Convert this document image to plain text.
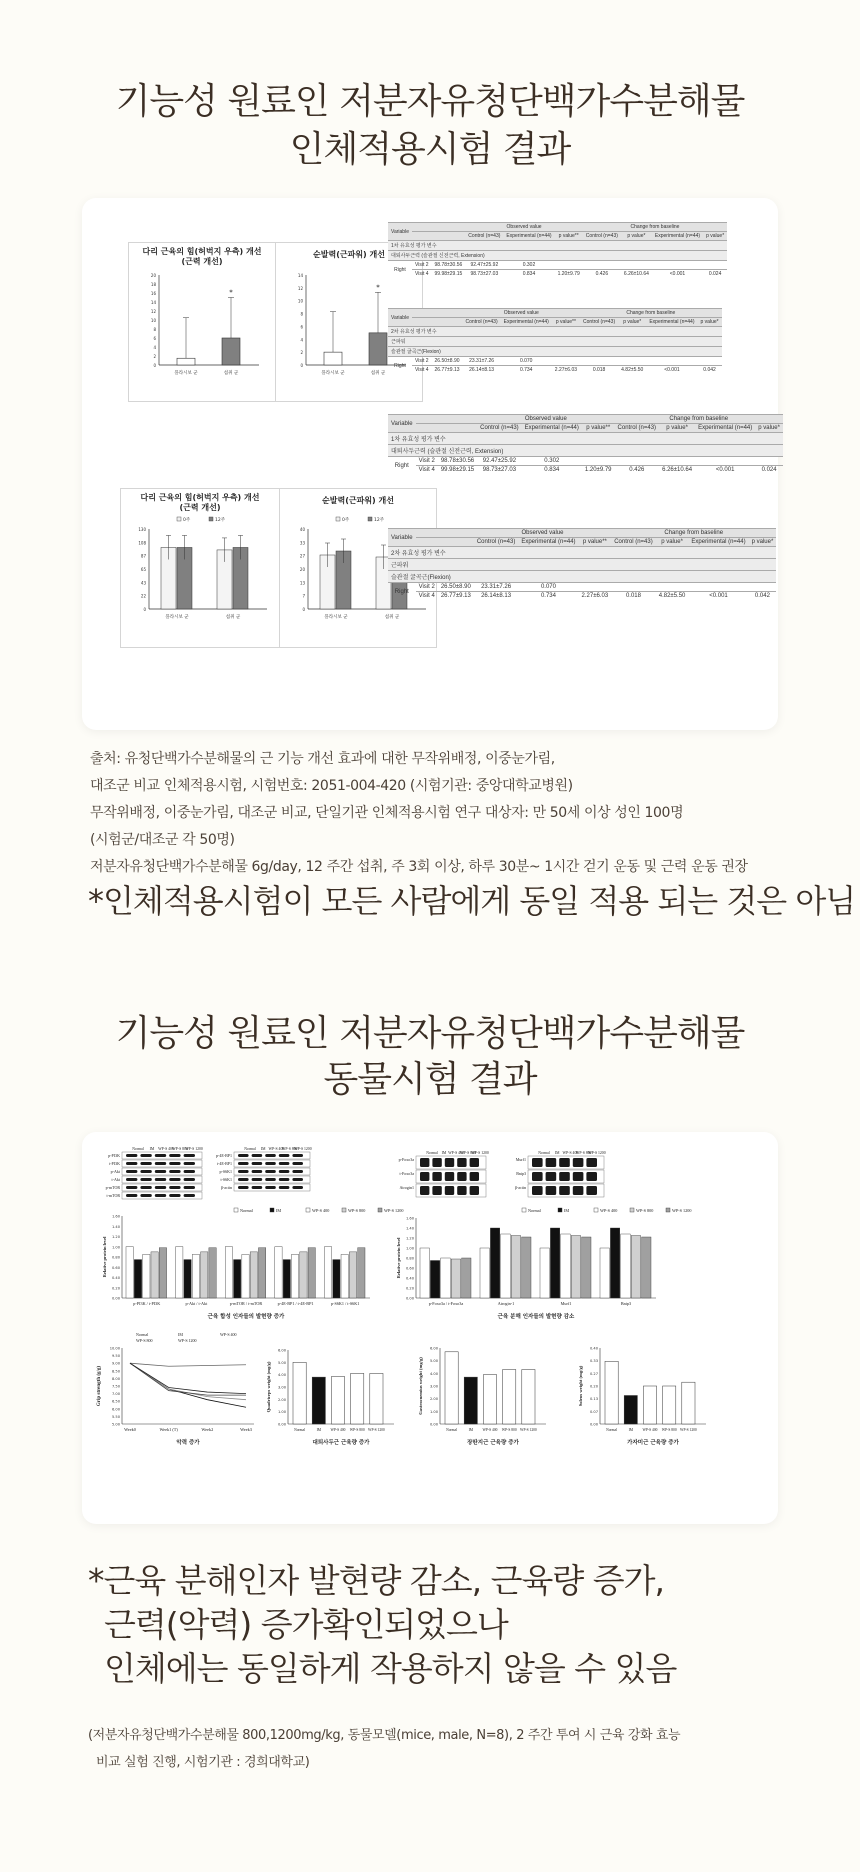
기능성 원료인 저분자유청단백가수분해물
인체적용시험 결과
다리 근육의 힘(허벅지 우측) 개선
(근력 개선)
20
18
16
14
12
10
8
6
4
2
0
플라시보 군	섭취 군
*
순발력(근파워) 개선
14
12
10
8
6
4
2
0
플라시보 군	섭취 군
*
다리 근육의 힘(허벅지 우측) 개선
(근력 개선)
0주	12주
130
108
87
65
43
22
0
플라시보 군	섭취 군
순발력(근파워) 개선
0주	12주
40
33
27
20
13
7
0
플라시보 군	섭취 군
Variable			Observed value			Change from baseline			
			Control (n=43)	Experimental (n=44)	p value**	Control (n=43)	p value*	Experimental (n=44)	p value*
1차 유효성 평가 변수									
대퇴사두근력 (슬관절 신전근력, Extension)									
Right	Visit 2	98.78±30.56	92.47±25.92	0.302					
	Visit 4	99.98±29.15	98.73±27.03	0.834	1.20±9.79	0.426	6.26±10.64	<0.001	0.024
Variable			Observed value			Change from baseline			
			Control (n=43)	Experimental (n=44)	p value**	Control (n=43)	p value*	Experimental (n=44)	p value*
2차 유효성 평가 변수									
근파워									
슬관절 굴곡근(Flexion)									
Right	Visit 2	26.50±8.90	23.31±7.26	0.070					
	Visit 4	26.77±9.13	26.14±8.13	0.734	2.27±6.03	0.018	4.82±5.50	<0.001	0.042
Variable			Observed value			Change from baseline			
			Control (n=43)	Experimental (n=44)	p value**	Control (n=43)	p value*	Experimental (n=44)	p value*
1차 유효성 평가 변수									
대퇴사두근력 (슬관절 신전근력, Extension)									
Right	Visit 2	98.78±30.56	92.47±25.92	0.302					
	Visit 4	99.98±29.15	98.73±27.03	0.834	1.20±9.79	0.426	6.26±10.64	<0.001	0.024
Variable			Observed value			Change from baseline			
			Control (n=43)	Experimental (n=44)	p value**	Control (n=43)	p value*	Experimental (n=44)	p value*
2차 유효성 평가 변수									
근파워									
슬관절 굴곡근(Flexion)									
Right	Visit 2	26.50±8.90	23.31±7.26	0.070					
	Visit 4	26.77±9.13	26.14±8.13	0.734	2.27±6.03	0.018	4.82±5.50	<0.001	0.042
출처: 유청단백가수분해물의 근 기능 개선 효과에 대한 무작위배정, 이중눈가림,
대조군 비교 인체적용시험, 시험번호: 2051-004-420 (시험기관: 중앙대학교병원)
무작위배정, 이중눈가림, 대조군 비교, 단일기관 인체적용시험 연구 대상자: 만 50세 이상 성인 100명
(시험군/대조군 각 50명)
저분자유청단백가수분해물 6g/day, 12 주간 섭취, 주 3회 이상, 하루 30분~ 1시간 걷기 운동 및 근력 운동 권장
*인체적용시험이 모든 사람에게 동일 적용 되는 것은 아님
기능성 원료인 저분자유청단백가수분해물
동물시험 결과
Normal IM WP-S 400
WP-S 800
WP-S 1200
p-PI3K
t-PI3K
p-Akt
t-Akt
p-mTOR
t-mTOR
Normal IM WP-S 400
WP-S 800
WP-S 1200
p-4E-BP1
t-4E-BP1
p-S6K1
t-S6K1
β-actin
Normal IM WP-S 400
WP-S 800
WP-S 1200
p-Foxo3a
t-Foxo3a
Atrogin1
Normal IM WP-S 400
WP-S 800
WP-S 1200
Murf1
Bnip3
β-actin
Normal	IM	WP-S 400	WP-S 800	WP-S 1200
Relative protein level
1.60
1.40
1.20
1.00
0.80
0.60
0.40
0.20
0.00
p-PI3K / t-PI3K	p-Akt / t-Akt	p-mTOR / t-mTOR	p-4E-BP1 / t-4E-BP1	p-S6K1 / t-S6K1
근육 합성 인자들의 발현량 증가
Normal	IM	WP-S 400	WP-S 800	WP-S 1200
Relative protein level
1.60
1.40
1.20
1.00
0.80
0.60
0.40
0.20
0.00
p-Foxo3a / t-Foxo3a	Atrogin-1	Murf1	Bnip3
근육 분해 인자들의 발현량 감소
Grip strength (g/g)
10.00
9.50
9.00
8.50
8.00
7.50
7.00
6.50
6.00
5.50
5.00
Week0	Week1 (T)	Week2	Week3
Normal	IM	WP-S 400
WP-S 800	WP-S 1200
악력 증가
Quadriceps weight (mg/g)
6.00
5.00
4.00
3.00
2.00
1.00
0.00
Normal	IM	WP-S 400 WP-S 800 WP-S 1200
대퇴사두근 근육량 증가
Gastrocnemius weight (mg/g)
6.00
5.00
4.00
3.00
2.00
1.00
0.00
Normal	IM	WP-S 400 WP-S 800 WP-S 1200
장딴지근 근육량 증가
Soleus weight (mg/g)
0.40
0.33
0.27
0.20
0.13
0.07
0.00
Normal	IM	WP-S 400 WP-S 800 WP-S 1200
가자미근 근육량 증가
*근육 분해인자 발현량 감소, 근육량 증가,
근력(악력) 증가확인되었으나
인체에는 동일하게 작용하지 않을 수 있음
(저분자유청단백가수분해물 800,1200mg/kg, 동물모델(mice, male, N=8), 2 주간 투여 시 근육 강화 효능
비교 실험 진행, 시험기관 : 경희대학교)
